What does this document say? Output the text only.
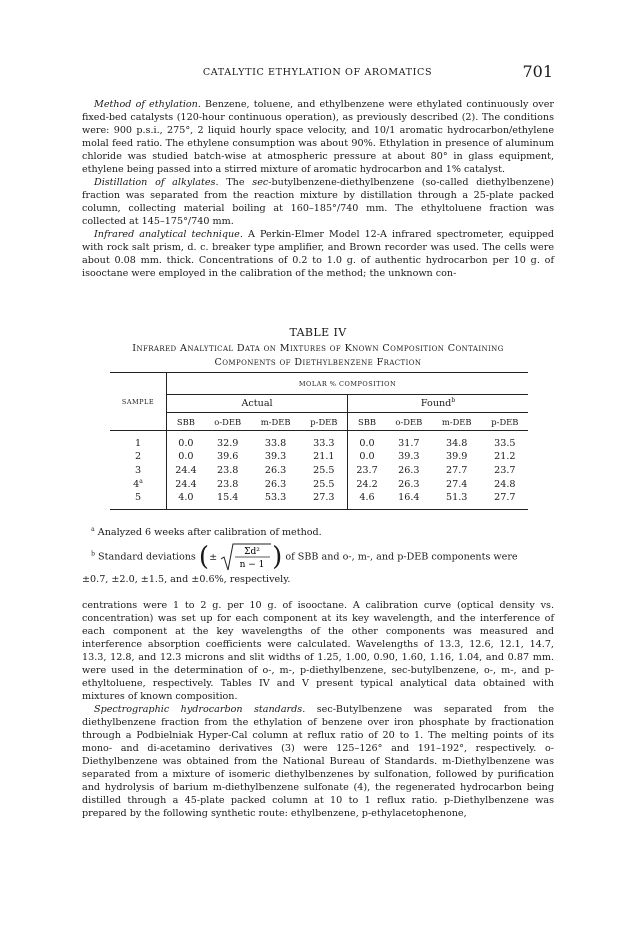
CATALYTIC ETHYLATION OF AROMATICS	701

Method of ethylation. Benzene, toluene, and ethylbenzene were ethylated continuously over fixed-bed catalysts (120-hour continuous operation), as previously described (2). The conditions were: 900 p.s.i., 275°, 2 liquid hourly space velocity, and 10/1 aromatic hydrocarbon/ethylene molal feed ratio. The ethylene consumption was about 90%. Ethylation in presence of aluminum chloride was studied batch-wise at atmospheric pressure at about 80° in glass equipment, ethylene being passed into a stirred mixture of aromatic hydrocarbon and 1% catalyst.

Distillation of alkylates. The sec-butylbenzene-diethylbenzene (so-called diethylbenzene) fraction was separated from the reaction mixture by distillation through a 25-plate packed column, collecting material boiling at 160–185°/740 mm. The ethyltoluene fraction was collected at 145–175°/740 mm.

Infrared analytical technique. A Perkin-Elmer Model 12-A infrared spectrometer, equipped with rock salt prism, d. c. breaker type amplifier, and Brown recorder was used. The cells were about 0.08 mm. thick. Concentrations of 0.2 to 1.0 g. of authentic hydrocarbon per 10 g. of isooctane were employed in the calibration of the method; the unknown con-

TABLE IV
Infrared Analytical Data on Mixtures of Known Composition Containing
Components of Diethylbenzene Fraction
SAMPLE	MOLAR % COMPOSITION							
	Actual				Found$^b$
	SBB	o-DEB	m-DEB	p-DEB	SBB	o-DEB	m-DEB	p-DEB
1	0.0	32.9	33.8	33.3	0.0	31.7	34.8	33.5
2	0.0	39.6	39.3	21.1	0.0	39.3	39.9	21.2
3	24.4	23.8	26.3	25.5	23.7	26.3	27.7	23.7
4$^a$	24.4	23.8	26.3	25.5	24.2	26.3	27.4	24.8
5	4.0	15.4	53.3	27.3	4.6	16.4	51.3	27.7
$^a$ Analyzed 6 weeks after calibration of method.
$^b$ Standard deviations (±	Σd²
n − 1 ) of SBB and o-, m-, and p-DEB components were
±0.7, ±2.0, ±1.5, and ±0.6%, respectively.

centrations were 1 to 2 g. per 10 g. of isooctane. A calibration curve (optical density vs. concentration) was set up for each component at its key wavelength, and the interference of each component at the key wavelengths of the other components was measured and interference absorption coefficients were calculated. Wavelengths of 13.3, 12.6, 12.1, 14.7, 13.3, 12.8, and 12.3 microns and slit widths of 1.25, 1.00, 0.90, 1.60, 1.16, 1.04, and 0.87 mm. were used in the determination of o-, m-, p-diethylbenzene, sec-butylbenzene, o-, m-, and p-ethyltoluene, respectively. Tables IV and V present typical analytical data obtained with mixtures of known composition.

Spectrographic hydrocarbon standards. sec-Butylbenzene was separated from the diethylbenzene fraction from the ethylation of benzene over iron phosphate by fractionation through a Podbielniak Hyper-Cal column at reflux ratio of 20 to 1. The melting points of its mono- and di-acetamino derivatives (3) were 125–126° and 191–192°, respectively. o-Diethylbenzene was obtained from the National Bureau of Standards. m-Diethylbenzene was separated from a mixture of isomeric diethylbenzenes by sulfonation, followed by purification and hydrolysis of barium m-diethylbenzene sulfonate (4), the regenerated hydrocarbon being distilled through a 45-plate packed column at 10 to 1 reflux ratio. p-Diethylbenzene was prepared by the following synthetic route: ethylbenzene, p-ethylacetophenone,
